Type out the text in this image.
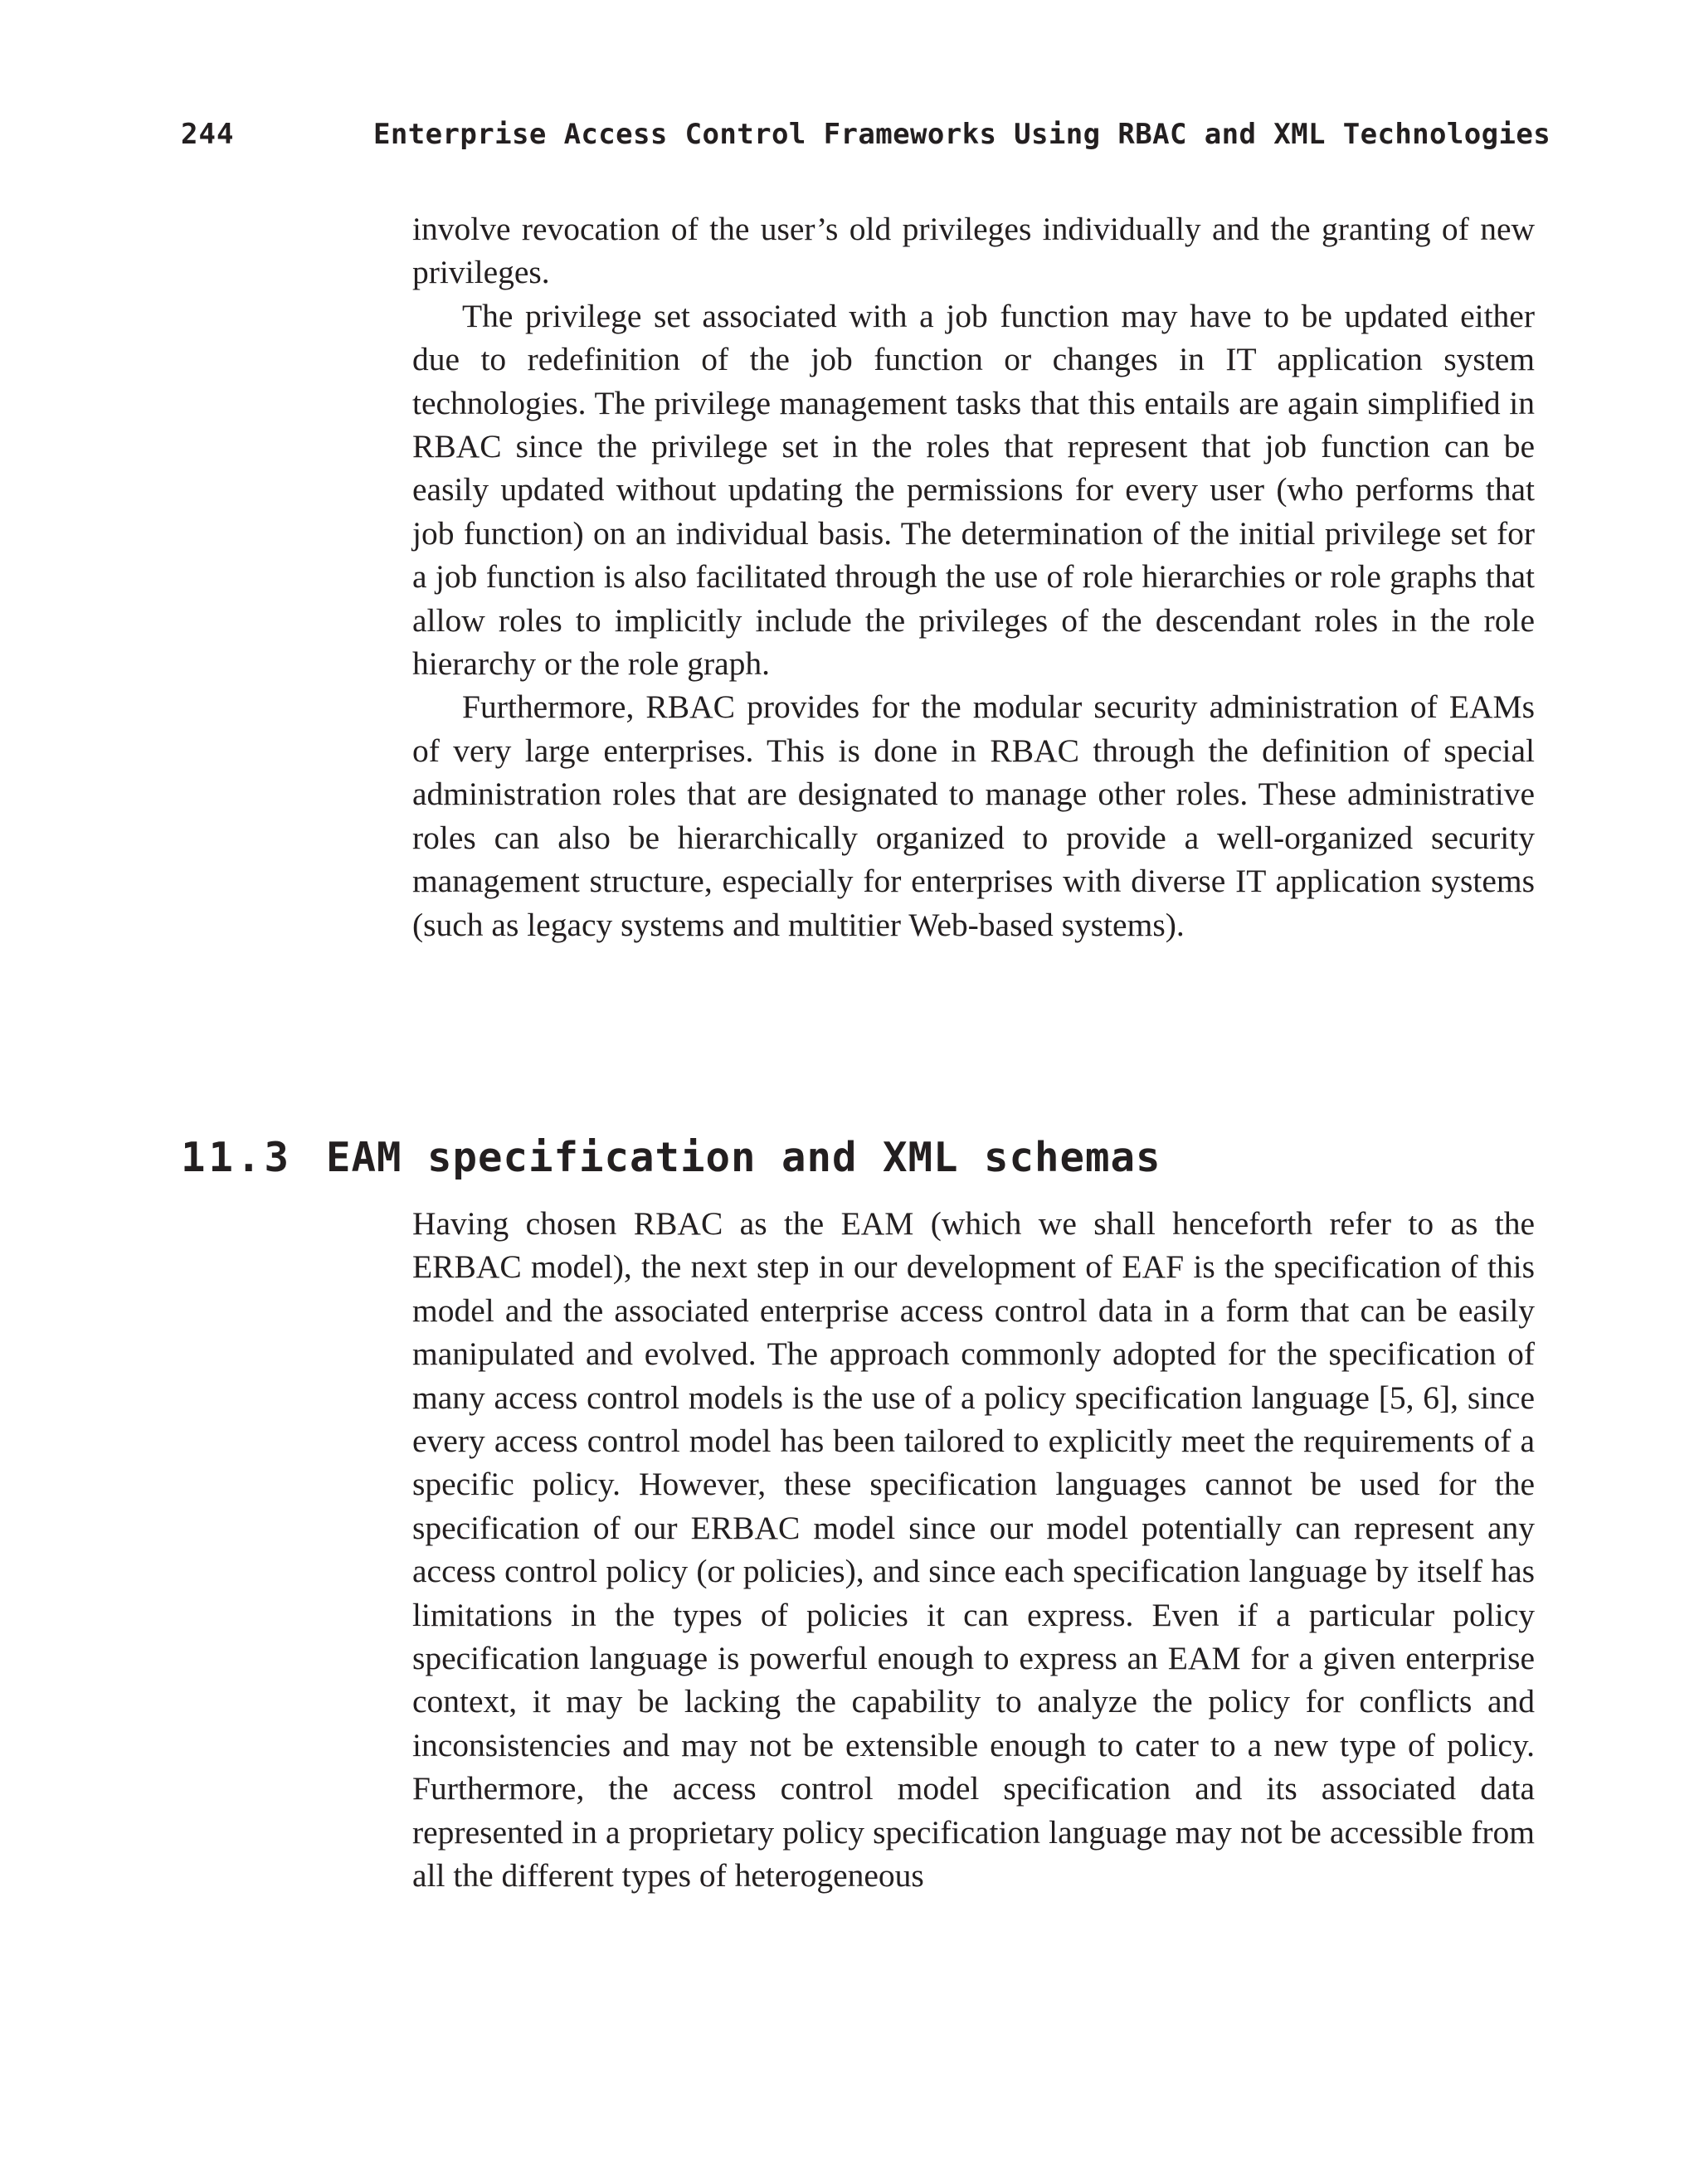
244	Enterprise Access Control Frameworks Using RBAC and XML Technologies

involve revocation of the user’s old privileges individually and the granting of new privileges.

The privilege set associated with a job function may have to be updated either due to redefinition of the job function or changes in IT application system technologies. The privilege management tasks that this entails are again simplified in RBAC since the privilege set in the roles that represent that job function can be easily updated without updating the permissions for every user (who performs that job function) on an individual basis. The determination of the initial privilege set for a job function is also facilitated through the use of role hierarchies or role graphs that allow roles to implicitly include the privileges of the descendant roles in the role hierarchy or the role graph.

Furthermore, RBAC provides for the modular security administration of EAMs of very large enterprises. This is done in RBAC through the definition of special administration roles that are designated to manage other roles. These administrative roles can also be hierarchically organized to provide a well-organized security management structure, especially for enterprises with diverse IT application systems (such as legacy systems and multitier Web-based systems).

11.3 EAM specification and XML schemas

Having chosen RBAC as the EAM (which we shall henceforth refer to as the ERBAC model), the next step in our development of EAF is the specification of this model and the associated enterprise access control data in a form that can be easily manipulated and evolved. The approach commonly adopted for the specification of many access control models is the use of a policy specification language [5, 6], since every access control model has been tailored to explicitly meet the requirements of a specific policy. However, these specification languages cannot be used for the specification of our ERBAC model since our model potentially can represent any access control policy (or policies), and since each specification language by itself has limitations in the types of policies it can express. Even if a particular policy specification language is powerful enough to express an EAM for a given enterprise context, it may be lacking the capability to analyze the policy for conflicts and inconsistencies and may not be extensible enough to cater to a new type of policy. Furthermore, the access control model specification and its associated data represented in a proprietary policy specification language may not be accessible from all the different types of heterogeneous
